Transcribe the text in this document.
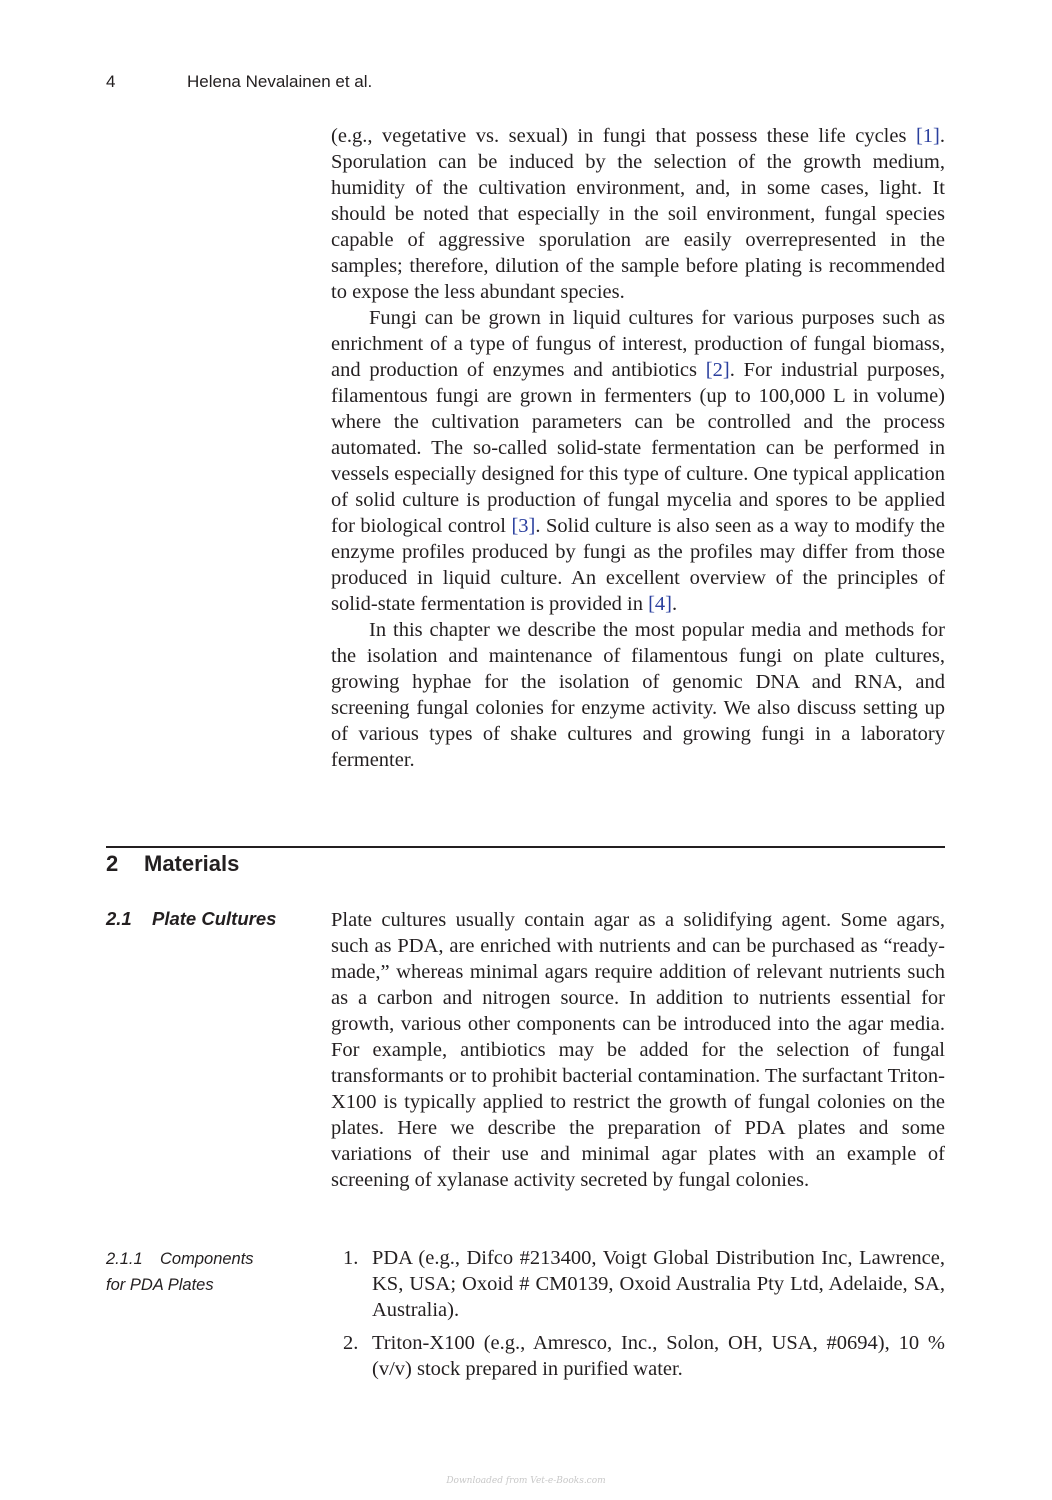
4	Helena Nevalainen et al.

(e.g., vegetative vs. sexual) in fungi that possess these life cycles [1]. Sporulation can be induced by the selection of the growth medium, humidity of the cultivation environment, and, in some cases, light. It should be noted that especially in the soil environment, fungal species capable of aggressive sporulation are easily overrepresented in the samples; therefore, dilution of the sample before plating is recommended to expose the less abundant species.

Fungi can be grown in liquid cultures for various purposes such as enrichment of a type of fungus of interest, production of fungal biomass, and production of enzymes and antibiotics [2]. For industrial purposes, filamentous fungi are grown in fermenters (up to 100,000 L in volume) where the cultivation parameters can be controlled and the process automated. The so-called solid-state fermentation can be performed in vessels especially designed for this type of culture. One typical application of solid culture is production of fungal mycelia and spores to be applied for biological control [3]. Solid culture is also seen as a way to modify the enzyme profiles produced by fungi as the profiles may differ from those produced in liquid culture. An excellent overview of the principles of solid-state fermentation is provided in [4].

In this chapter we describe the most popular media and methods for the isolation and maintenance of filamentous fungi on plate cultures, growing hyphae for the isolation of genomic DNA and RNA, and screening fungal colonies for enzyme activity. We also discuss setting up of various types of shake cultures and growing fungi in a laboratory fermenter.

2 Materials
2.1 Plate Cultures	Plate cultures usually contain agar as a solidifying agent. Some agars, such as PDA, are enriched with nutrients and can be purchased as “ready-made,” whereas minimal agars require addition of relevant nutrients such as a carbon and nitrogen source. In addition to nutrients essential for growth, various other components can be introduced into the agar media. For example, antibiotics may be added for the selection of fungal transformants or to prohibit bacterial contamination. The surfactant Triton-X100 is typically applied to restrict the growth of fungal colonies on the plates. Here we describe the preparation of PDA plates and some variations of their use and minimal agar plates with an example of screening of xylanase activity secreted by fungal colonies.

2.1.1 Components
for PDA Plates
1. PDA (e.g., Difco #213400, Voigt Global Distribution Inc, Lawrence, KS, USA; Oxoid # CM0139, Oxoid Australia Pty Ltd, Adelaide, SA, Australia).
2. Triton-X100 (e.g., Amresco, Inc., Solon, OH, USA, #0694), 10 % (v/v) stock prepared in purified water.
Downloaded from Vet-e-Books.com
